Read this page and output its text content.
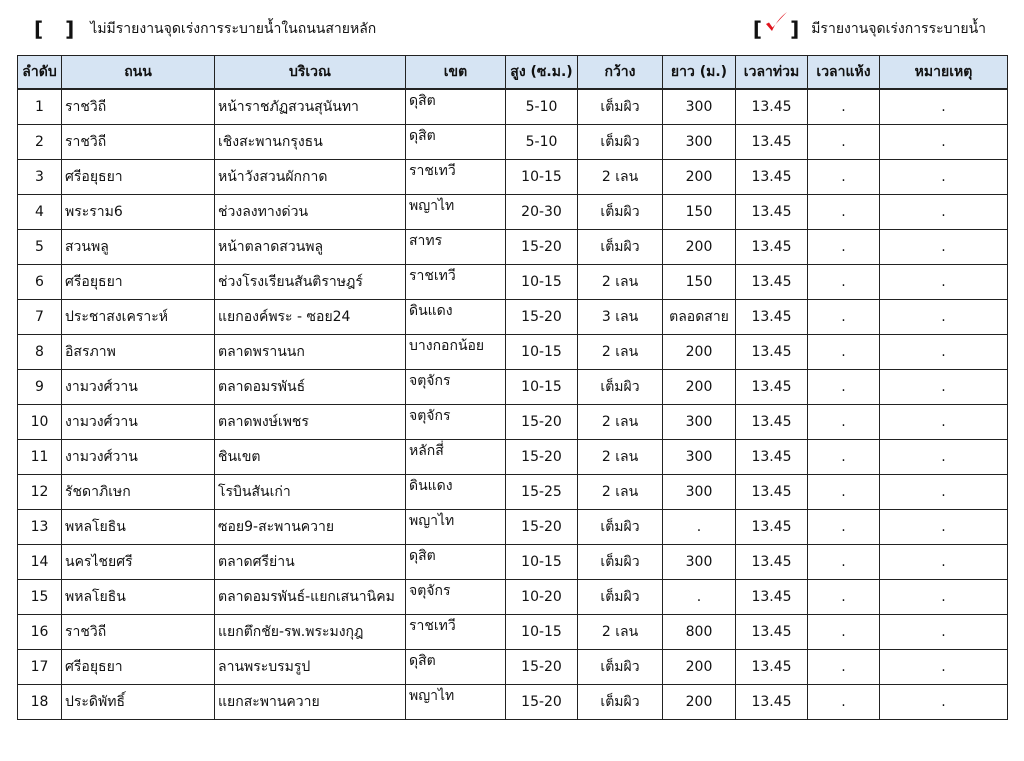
[ ] ไม่มีรายงานจุดเร่งการระบายน้ำในถนนสายหลัก	[ ] มีรายงานจุดเร่งการระบายน้ำ
ลำดับ	ถนน	บริเวณ	เขต	สูง (ซ.ม.)	กว้าง	ยาว (ม.)	เวลาท่วม	เวลาแห้ง	หมายเหตุ
1	ราชวิถี	หน้าราชภัฏสวนสุนันทา	ดุสิต	5-10	เต็มผิว	300	13.45	.	.
2	ราชวิถี	เชิงสะพานกรุงธน	ดุสิต	5-10	เต็มผิว	300	13.45	.	.
3	ศรีอยุธยา	หน้าวังสวนผักกาด	ราชเทวี	10-15	2 เลน	200	13.45	.	.
4	พระราม6	ช่วงลงทางด่วน	พญาไท	20-30	เต็มผิว	150	13.45	.	.
5	สวนพลู	หน้าตลาดสวนพลู	สาทร	15-20	เต็มผิว	200	13.45	.	.
6	ศรีอยุธยา	ช่วงโรงเรียนสันติราษฎร์	ราชเทวี	10-15	2 เลน	150	13.45	.	.
7	ประชาสงเคราะห์	แยกองค์พระ - ซอย24	ดินแดง	15-20	3 เลน	ตลอดสาย	13.45	.	.
8	อิสรภาพ	ตลาดพรานนก	บางกอกน้อย	10-15	2 เลน	200	13.45	.	.
9	งามวงศ์วาน	ตลาดอมรพันธ์	จตุจักร	10-15	เต็มผิว	200	13.45	.	.
10	งามวงศ์วาน	ตลาดพงษ์เพชร	จตุจักร	15-20	2 เลน	300	13.45	.	.
11	งามวงศ์วาน	ชินเขต	หลักสี่	15-20	2 เลน	300	13.45	.	.
12	รัชดาภิเษก	โรบินสันเก่า	ดินแดง	15-25	2 เลน	300	13.45	.	.
13	พหลโยธิน	ซอย9-สะพานควาย	พญาไท	15-20	เต็มผิว	.	13.45	.	.
14	นครไชยศรี	ตลาดศรีย่าน	ดุสิต	10-15	เต็มผิว	300	13.45	.	.
15	พหลโยธิน	ตลาดอมรพันธ์-แยกเสนานิคม	จตุจักร	10-20	เต็มผิว	.	13.45	.	.
16	ราชวิถี	แยกตึกชัย-รพ.พระมงกุฎ	ราชเทวี	10-15	2 เลน	800	13.45	.	.
17	ศรีอยุธยา	ลานพระบรมรูป	ดุสิต	15-20	เต็มผิว	200	13.45	.	.
18	ประดิพัทธิ์	แยกสะพานควาย	พญาไท	15-20	เต็มผิว	200	13.45	.	.
